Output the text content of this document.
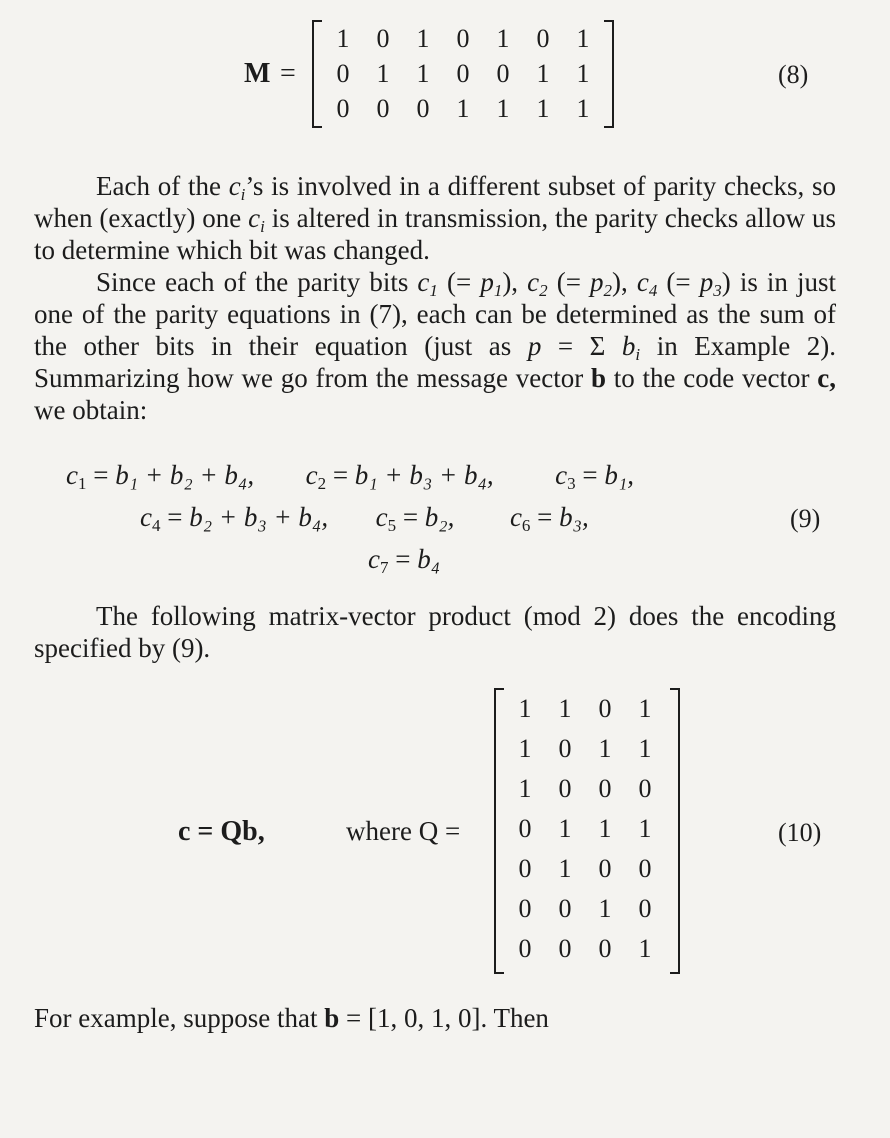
M =
1	0	1	0	1	0	1
0	1	1	0	0	1	1
0	0	0	1	1	1	1
(8)
Each of the $c_i’s$ is involved in a different subset of parity checks, so when (exactly) one $c_i$ is altered in transmission, the parity checks allow us to determine which bit was changed.
Since each of the parity bits $c_1$ (= $p_1$), $c_2$ (= $p_2$), $c_4$ (= $p_3$) is in just one of the parity equations in (7), each can be determined as the sum of the other bits in their equation (just as p = Σ $b_i$ in Example 2). Summarizing how we go from the message vector b to the code vector c, we obtain:
$c_1 = b_1 + b_2 + b_4$, $c_2 = b_1 + b_3 + b_4$, $c_3 = b_1$,
$c_4 = b_2 + b_3 + b_4$, $c_5 = b_2$, $c_6 = b_3$,
$c_7 = b_4$
(9)
The following matrix-vector product (mod 2) does the encoding specified by (9).
c = Qb,	where Q =
1	1	0	1
1	0	1	1
1	0	0	0
0	1	1	1
0	1	0	0
0	0	1	0
0	0	0	1
(10)
For example, suppose that b = [1, 0, 1, 0]. Then
